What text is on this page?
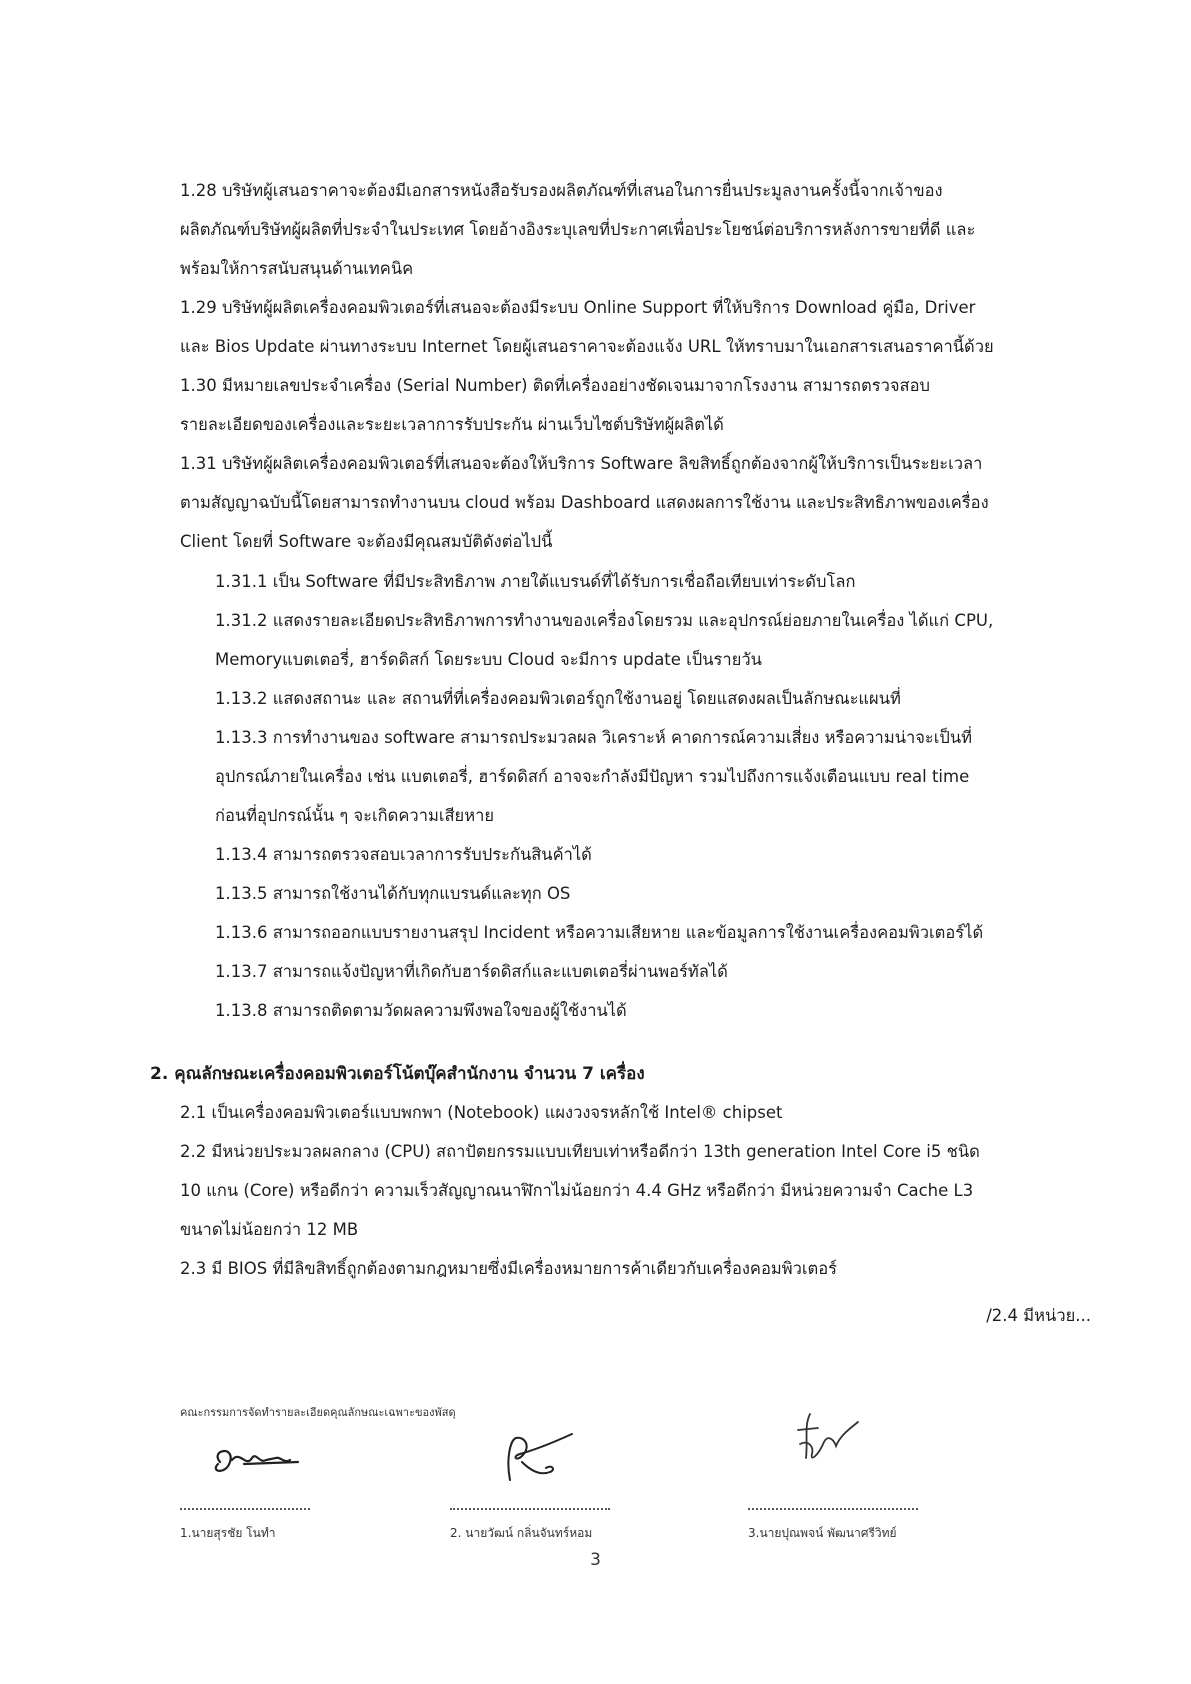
1.28 บริษัทผู้เสนอราคาจะต้องมีเอกสารหนังสือรับรองผลิตภัณฑ์ที่เสนอในการยื่นประมูลงานครั้งนี้จากเจ้าของ
ผลิตภัณฑ์บริษัทผู้ผลิตที่ประจำในประเทศ โดยอ้างอิงระบุเลขที่ประกาศเพื่อประโยชน์ต่อบริการหลังการขายที่ดี และ
พร้อมให้การสนับสนุนด้านเทคนิค
1.29 บริษัทผู้ผลิตเครื่องคอมพิวเตอร์ที่เสนอจะต้องมีระบบ Online Support ที่ให้บริการ Download คู่มือ, Driver
และ Bios Update ผ่านทางระบบ Internet โดยผู้เสนอราคาจะต้องแจ้ง URL ให้ทราบมาในเอกสารเสนอราคานี้ด้วย
1.30 มีหมายเลขประจำเครื่อง (Serial Number) ติดที่เครื่องอย่างชัดเจนมาจากโรงงาน สามารถตรวจสอบ
รายละเอียดของเครื่องและระยะเวลาการรับประกัน ผ่านเว็บไซต์บริษัทผู้ผลิตได้
1.31 บริษัทผู้ผลิตเครื่องคอมพิวเตอร์ที่เสนอจะต้องให้บริการ Software ลิขสิทธิ์ถูกต้องจากผู้ให้บริการเป็นระยะเวลา
ตามสัญญาฉบับนี้โดยสามารถทำงานบน cloud พร้อม Dashboard แสดงผลการใช้งาน และประสิทธิภาพของเครื่อง
Client โดยที่ Software จะต้องมีคุณสมบัติดังต่อไปนี้
1.31.1 เป็น Software ที่มีประสิทธิภาพ ภายใต้แบรนด์ที่ได้รับการเชื่อถือเทียบเท่าระดับโลก
1.31.2 แสดงรายละเอียดประสิทธิภาพการทำงานของเครื่องโดยรวม และอุปกรณ์ย่อยภายในเครื่อง ได้แก่ CPU,
Memoryแบตเตอรี่, ฮาร์ดดิสก์ โดยระบบ Cloud จะมีการ update เป็นรายวัน
1.13.2 แสดงสถานะ และ สถานที่ที่เครื่องคอมพิวเตอร์ถูกใช้งานอยู่ โดยแสดงผลเป็นลักษณะแผนที่
1.13.3 การทำงานของ software สามารถประมวลผล วิเคราะห์ คาดการณ์ความเสี่ยง หรือความน่าจะเป็นที่
อุปกรณ์ภายในเครื่อง เช่น แบตเตอรี่, ฮาร์ดดิสก์ อาจจะกำลังมีปัญหา รวมไปถึงการแจ้งเตือนแบบ real time
ก่อนที่อุปกรณ์นั้น ๆ จะเกิดความเสียหาย
1.13.4 สามารถตรวจสอบเวลาการรับประกันสินค้าได้
1.13.5 สามารถใช้งานได้กับทุกแบรนด์และทุก OS
1.13.6 สามารถออกแบบรายงานสรุป Incident หรือความเสียหาย และข้อมูลการใช้งานเครื่องคอมพิวเตอร์ได้
1.13.7 สามารถแจ้งปัญหาที่เกิดกับฮาร์ดดิสก์และแบตเตอรี่ผ่านพอร์ทัลได้
1.13.8 สามารถติดตามวัดผลความพึงพอใจของผู้ใช้งานได้
2. คุณลักษณะเครื่องคอมพิวเตอร์โน้ตบุ๊คสำนักงาน จำนวน 7 เครื่อง
2.1 เป็นเครื่องคอมพิวเตอร์แบบพกพา (Notebook) แผงวงจรหลักใช้ Intel® chipset
2.2 มีหน่วยประมวลผลกลาง (CPU) สถาปัตยกรรมแบบเทียบเท่าหรือดีกว่า 13th generation Intel Core i5 ชนิด
10 แกน (Core) หรือดีกว่า ความเร็วสัญญาณนาฬิกาไม่น้อยกว่า 4.4 GHz หรือดีกว่า มีหน่วยความจำ Cache L3
ขนาดไม่น้อยกว่า 12 MB
2.3 มี BIOS ที่มีลิขสิทธิ์ถูกต้องตามกฎหมายซึ่งมีเครื่องหมายการค้าเดียวกับเครื่องคอมพิวเตอร์
/2.4 มีหน่วย...
คณะกรรมการจัดทำรายละเอียดคุณลักษณะเฉพาะของพัสดุ
1.นายสุรชัย โนทำ	2. นายวัฒน์ กลิ่นจันทร์หอม	3.นายปุณพจน์ พัฒนาศรีวิทย์
3
